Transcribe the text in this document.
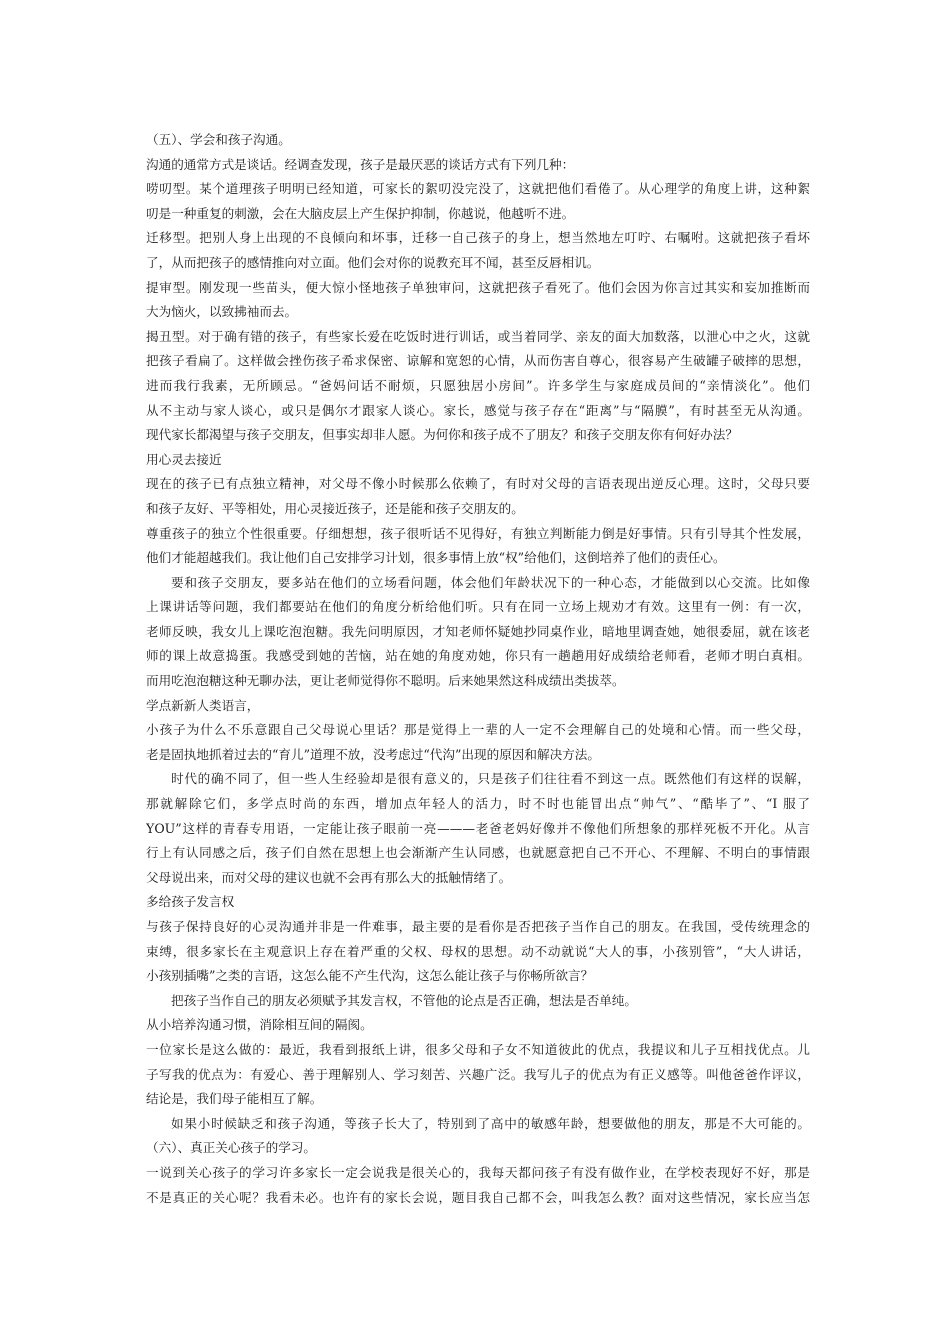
（五）、学会和孩子沟通。
沟通的通常方式是谈话。经调查发现，孩子是最厌恶的谈话方式有下列几种：
唠叨型。某个道理孩子明明已经知道，可家长的絮叨没完没了，这就把他们看倦了。从心理学的角度上讲，这种絮
叨是一种重复的刺激，会在大脑皮层上产生保护抑制，你越说，他越听不进。
迁移型。把别人身上出现的不良倾向和坏事，迁移一自己孩子的身上，想当然地左叮咛、右嘱咐。这就把孩子看坏
了，从而把孩子的感情推向对立面。他们会对你的说教充耳不闻，甚至反唇相讥。
提审型。刚发现一些苗头，便大惊小怪地孩子单独审问，这就把孩子看死了。他们会因为你言过其实和妄加推断而
大为恼火，以致拂袖而去。
揭丑型。对于确有错的孩子，有些家长爱在吃饭时进行训话，或当着同学、亲友的面大加数落，以泄心中之火，这就
把孩子看扁了。这样做会挫伤孩子希求保密、谅解和宽恕的心情，从而伤害自尊心，很容易产生破罐子破摔的思想，
进而我行我素，无所顾忌。“爸妈问话不耐烦，只愿独居小房间”。许多学生与家庭成员间的“亲情淡化”。他们
从不主动与家人谈心，或只是偶尔才跟家人谈心。家长，感觉与孩子存在“距离”与“隔膜”，有时甚至无从沟通。
现代家长都渴望与孩子交朋友，但事实却非人愿。为何你和孩子成不了朋友？和孩子交朋友你有何好办法？
用心灵去接近
现在的孩子已有点独立精神，对父母不像小时候那么依赖了，有时对父母的言语表现出逆反心理。这时，父母只要
和孩子友好、平等相处，用心灵接近孩子，还是能和孩子交朋友的。
尊重孩子的独立个性很重要。仔细想想，孩子很听话不见得好，有独立判断能力倒是好事情。只有引导其个性发展，
他们才能超越我们。我让他们自己安排学习计划，很多事情上放“权”给他们，这倒培养了他们的责任心。
要和孩子交朋友，要多站在他们的立场看问题，体会他们年龄状况下的一种心态，才能做到以心交流。比如像
上课讲话等问题，我们都要站在他们的角度分析给他们听。只有在同一立场上规劝才有效。这里有一例：有一次，
老师反映，我女儿上课吃泡泡糖。我先问明原因，才知老师怀疑她抄同桌作业，暗地里调查她，她很委屈，就在该老
师的课上故意捣蛋。我感受到她的苦恼，站在她的角度劝她，你只有一趟趟用好成绩给老师看，老师才明白真相。
而用吃泡泡糖这种无聊办法，更让老师觉得你不聪明。后来她果然这科成绩出类拔萃。
学点新新人类语言，
小孩子为什么不乐意跟自己父母说心里话？那是觉得上一辈的人一定不会理解自己的处境和心情。而一些父母，
老是固执地抓着过去的“育儿”道理不放，没考虑过“代沟”出现的原因和解决方法。
时代的确不同了，但一些人生经验却是很有意义的，只是孩子们往往看不到这一点。既然他们有这样的误解，
那就解除它们，多学点时尚的东西，增加点年轻人的活力，时不时也能冒出点“帅气”、“酷毕了”、“I 服了
YOU”这样的青春专用语，一定能让孩子眼前一亮———老爸老妈好像并不像他们所想象的那样死板不开化。从言
行上有认同感之后，孩子们自然在思想上也会渐渐产生认同感，也就愿意把自己不开心、不理解、不明白的事情跟
父母说出来，而对父母的建议也就不会再有那么大的抵触情绪了。
多给孩子发言权
与孩子保持良好的心灵沟通并非是一件难事，最主要的是看你是否把孩子当作自己的朋友。在我国，受传统理念的
束缚，很多家长在主观意识上存在着严重的父权、母权的思想。动不动就说“大人的事，小孩别管”，“大人讲话，
小孩别插嘴”之类的言语，这怎么能不产生代沟，这怎么能让孩子与你畅所欲言？
把孩子当作自己的朋友必须赋予其发言权，不管他的论点是否正确，想法是否单纯。
从小培养沟通习惯，消除相互间的隔阂。
一位家长是这么做的：最近，我看到报纸上讲，很多父母和子女不知道彼此的优点，我提议和儿子互相找优点。儿
子写我的优点为：有爱心、善于理解别人、学习刻苦、兴趣广泛。我写儿子的优点为有正义感等。叫他爸爸作评议，
结论是，我们母子能相互了解。
如果小时候缺乏和孩子沟通，等孩子长大了，特别到了高中的敏感年龄，想要做他的朋友，那是不大可能的。
（六）、真正关心孩子的学习。
一说到关心孩子的学习许多家长一定会说我是很关心的，我每天都问孩子有没有做作业，在学校表现好不好，那是
不是真正的关心呢？我看未必。也许有的家长会说，题目我自己都不会，叫我怎么教？面对这些情况，家长应当怎
